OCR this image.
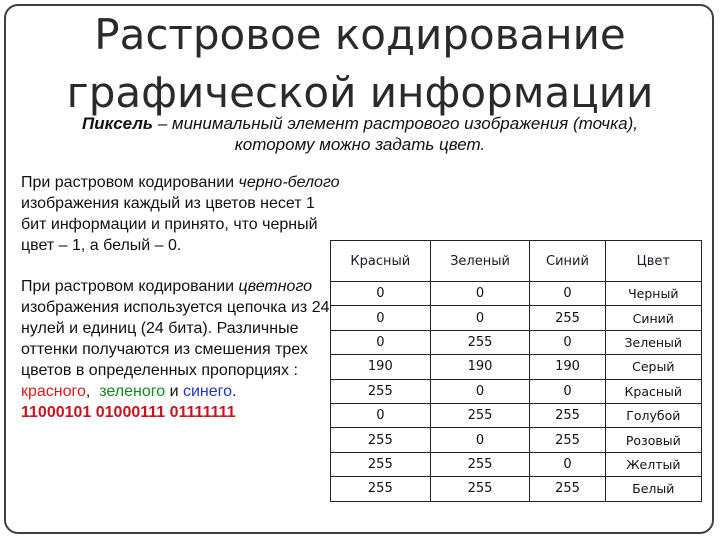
Растровое кодирование
графической информации
Пиксель – минимальный элемент растрового изображения (точка),
которому можно задать цвет.
При растровом кодировании черно-белого изображения каждый из цветов несет 1 бит информации и принято, что черный цвет – 1, а белый – 0.
При растровом кодировании цветного изображения используется цепочка из 24 нулей и единиц (24 бита). Различные оттенки получаются из смешения трех цветов в определенных пропорциях :
красного, зеленого и синего.
11000101 01000111 01111111
Красный	Зеленый	Синий	Цвет
0	0	0	Черный
0	0	255	Синий
0	255	0	Зеленый
190	190	190	Серый
255	0	0	Красный
0	255	255	Голубой
255	0	255	Розовый
255	255	0	Желтый
255	255	255	Белый
